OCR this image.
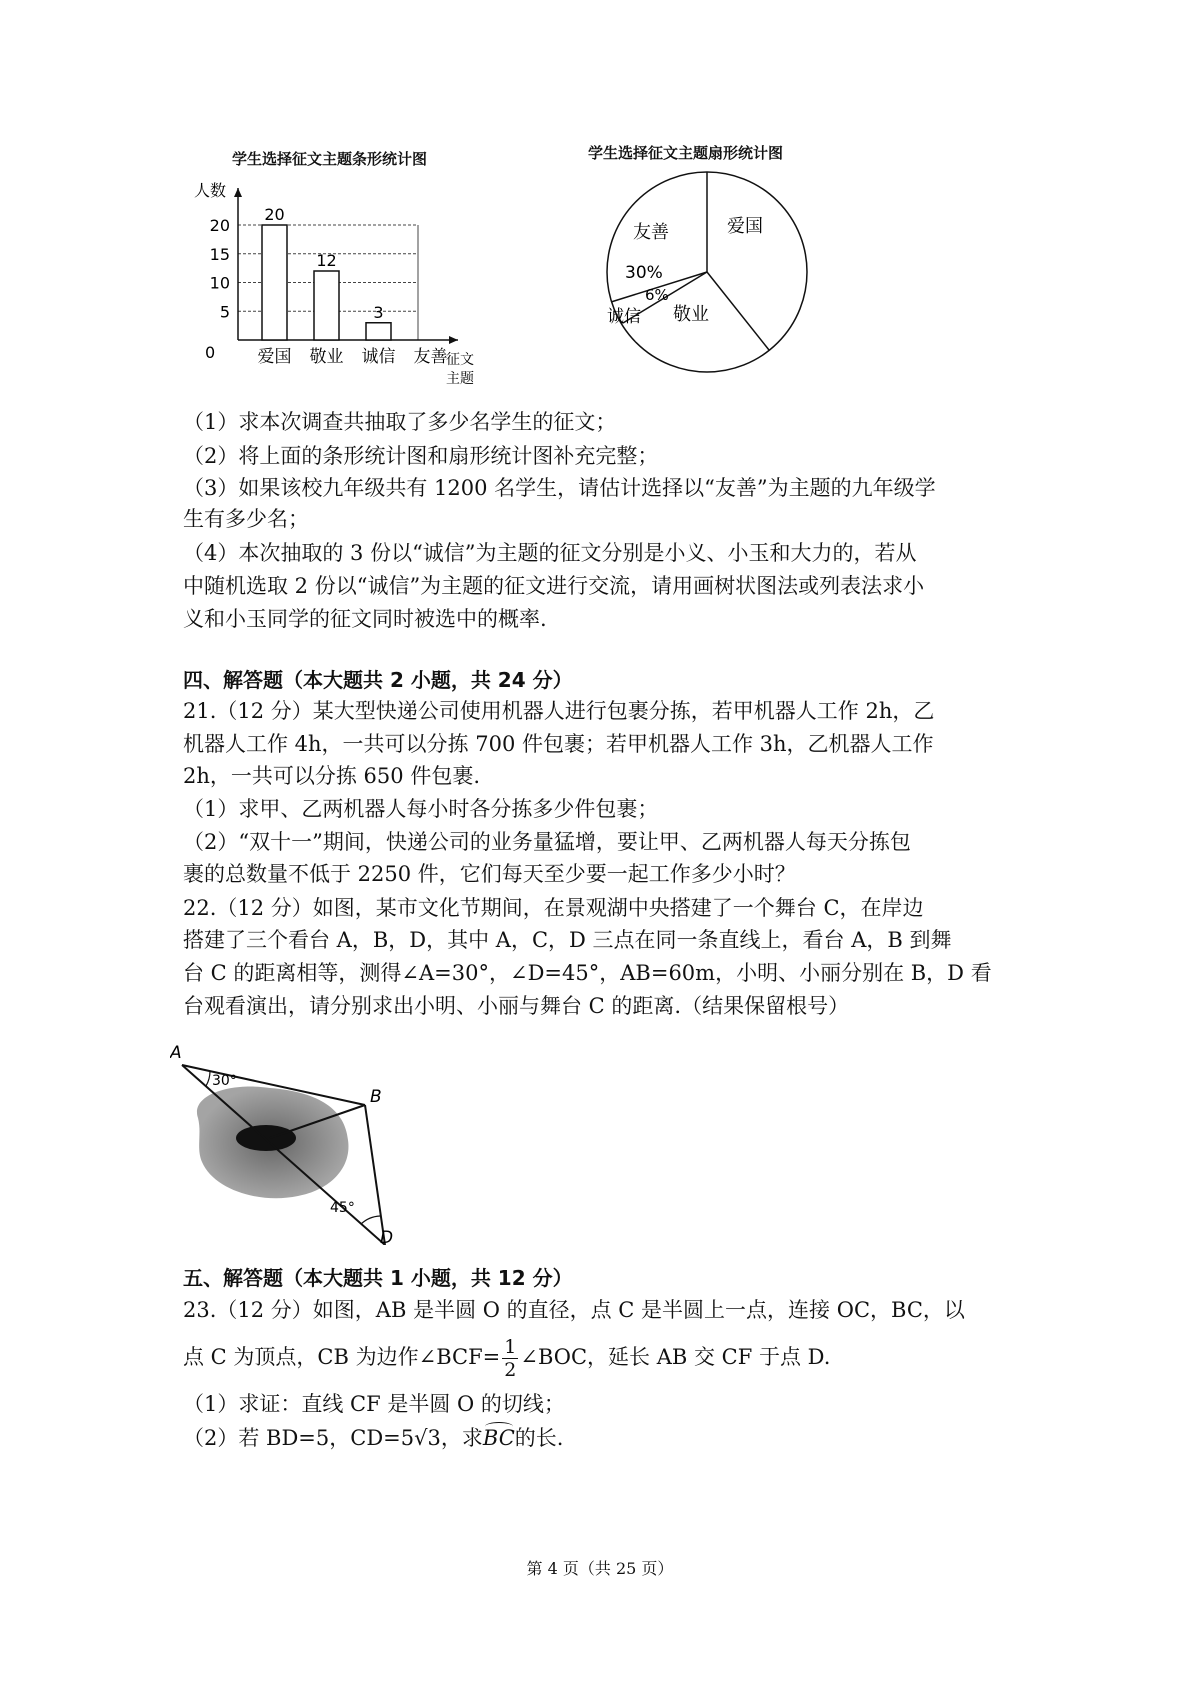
学生选择征文主题条形统计图
5
10
15
20
20
爱国
12
敬业
3
诚信 友善
人数
0	征文
主题
学生选择征文主题扇形统计图
友善	爱国
30%
6%
诚信 敬业
（1）求本次调查共抽取了多少名学生的征文；
（2）将上面的条形统计图和扇形统计图补充完整；
（3）如果该校九年级共有 1200 名学生，请估计选择以“友善”为主题的九年级学
生有多少名；
（4）本次抽取的 3 份以“诚信”为主题的征文分别是小义、小玉和大力的，若从
中随机选取 2 份以“诚信”为主题的征文进行交流，请用画树状图法或列表法求小
义和小玉同学的征文同时被选中的概率.
四、解答题（本大题共 2 小题，共 24 分）
21.（12 分）某大型快递公司使用机器人进行包裹分拣，若甲机器人工作 2h，乙
机器人工作 4h，一共可以分拣 700 件包裹；若甲机器人工作 3h，乙机器人工作
2h，一共可以分拣 650 件包裹.
（1）求甲、乙两机器人每小时各分拣多少件包裹；
（2）“双十一”期间，快递公司的业务量猛增，要让甲、乙两机器人每天分拣包
裹的总数量不低于 2250 件，它们每天至少要一起工作多少小时？
22.（12 分）如图，某市文化节期间，在景观湖中央搭建了一个舞台 C，在岸边
搭建了三个看台 A，B，D，其中 A，C，D 三点在同一条直线上，看台 A，B 到舞
台 C 的距离相等，测得∠A=30°，∠D=45°，AB=60m，小明、小丽分别在 B，D 看
台观看演出，请分别求出小明、小丽与舞台 C 的距离.（结果保留根号）
A
B
D
30°
45°
五、解答题（本大题共 1 小题，共 12 分）
23.（12 分）如图，AB 是半圆 O 的直径，点 C 是半圆上一点，连接 OC，BC，以
点 C 为顶点，CB 为边作∠BCF= $\frac{1}{2}$ ∠BOC，延长 AB 交 CF 于点 D.
（1）求证：直线 CF 是半圆 O 的切线；
（2）若 BD=5，CD=5√3，求BC的长.
第 4 页（共 25 页）
